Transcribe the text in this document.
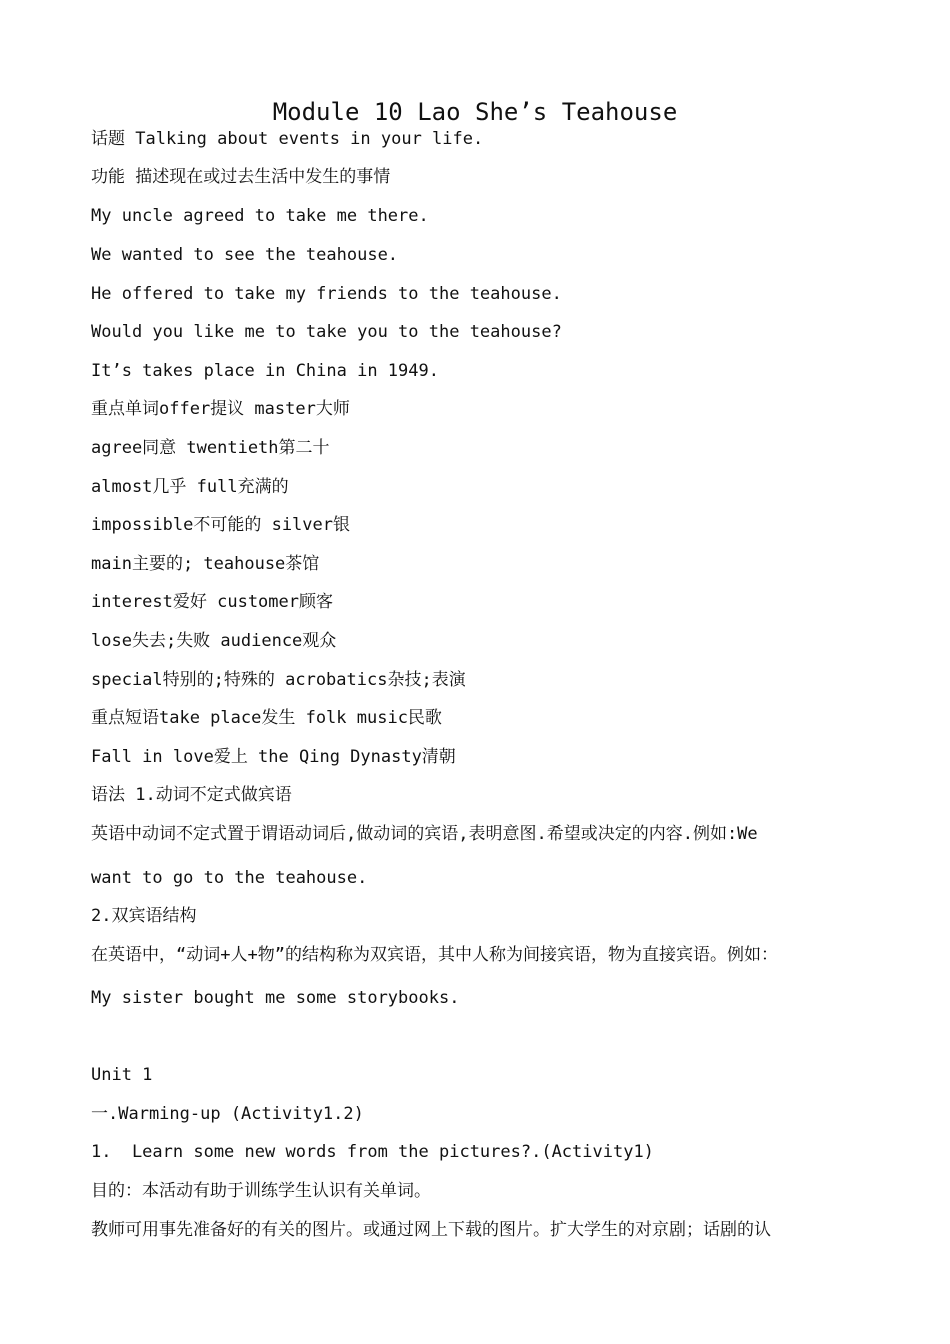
Module 10 Lao She’s Teahouse
话题 Talking about events in your life.
功能 描述现在或过去生活中发生的事情
My uncle agreed to take me there.
We wanted to see the teahouse.
He offered to take my friends to the teahouse.
Would you like me to take you to the teahouse?
It’s takes place in China in 1949.
重点单词offer提议 master大师
agree同意 twentieth第二十
almost几乎 full充满的
impossible不可能的 silver银
main主要的; teahouse茶馆
interest爱好 customer顾客
lose失去;失败 audience观众
special特别的;特殊的 acrobatics杂技;表演
重点短语take place发生 folk music民歌
Fall in love爱上 the Qing Dynasty清朝
语法 1.动词不定式做宾语
英语中动词不定式置于谓语动词后,做动词的宾语,表明意图.希望或决定的内容.例如:We
want to go to the teahouse.
2.双宾语结构
在英语中，“动词+人+物”的结构称为双宾语，其中人称为间接宾语，物为直接宾语。例如：
My sister bought me some storybooks.
Unit 1
一.Warming-up (Activity1.2)
1.  Learn some new words from the pictures?.(Activity1)
目的：本活动有助于训练学生认识有关单词。
教师可用事先准备好的有关的图片。或通过网上下载的图片。扩大学生的对京剧；话剧的认
